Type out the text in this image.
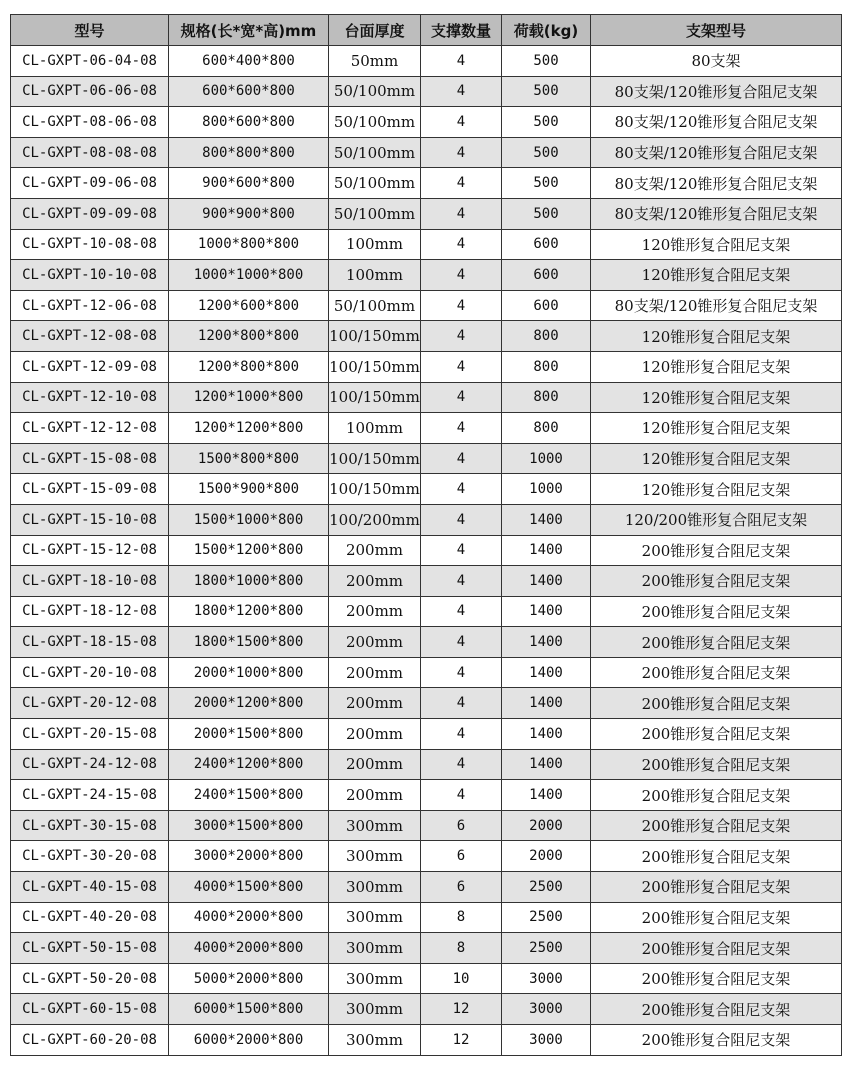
型号	规格(长*宽*高)mm	台面厚度	支撑数量	荷载(kg)	支架型号
CL-GXPT-06-04-08	600*400*800	50mm	4	500	80支架
CL-GXPT-06-06-08	600*600*800	50/100mm	4	500	80支架/120锥形复合阻尼支架
CL-GXPT-08-06-08	800*600*800	50/100mm	4	500	80支架/120锥形复合阻尼支架
CL-GXPT-08-08-08	800*800*800	50/100mm	4	500	80支架/120锥形复合阻尼支架
CL-GXPT-09-06-08	900*600*800	50/100mm	4	500	80支架/120锥形复合阻尼支架
CL-GXPT-09-09-08	900*900*800	50/100mm	4	500	80支架/120锥形复合阻尼支架
CL-GXPT-10-08-08	1000*800*800	100mm	4	600	120锥形复合阻尼支架
CL-GXPT-10-10-08	1000*1000*800	100mm	4	600	120锥形复合阻尼支架
CL-GXPT-12-06-08	1200*600*800	50/100mm	4	600	80支架/120锥形复合阻尼支架
CL-GXPT-12-08-08	1200*800*800	100/150mm	4	800	120锥形复合阻尼支架
CL-GXPT-12-09-08	1200*800*800	100/150mm	4	800	120锥形复合阻尼支架
CL-GXPT-12-10-08	1200*1000*800	100/150mm	4	800	120锥形复合阻尼支架
CL-GXPT-12-12-08	1200*1200*800	100mm	4	800	120锥形复合阻尼支架
CL-GXPT-15-08-08	1500*800*800	100/150mm	4	1000	120锥形复合阻尼支架
CL-GXPT-15-09-08	1500*900*800	100/150mm	4	1000	120锥形复合阻尼支架
CL-GXPT-15-10-08	1500*1000*800	100/200mm	4	1400	120/200锥形复合阻尼支架
CL-GXPT-15-12-08	1500*1200*800	200mm	4	1400	200锥形复合阻尼支架
CL-GXPT-18-10-08	1800*1000*800	200mm	4	1400	200锥形复合阻尼支架
CL-GXPT-18-12-08	1800*1200*800	200mm	4	1400	200锥形复合阻尼支架
CL-GXPT-18-15-08	1800*1500*800	200mm	4	1400	200锥形复合阻尼支架
CL-GXPT-20-10-08	2000*1000*800	200mm	4	1400	200锥形复合阻尼支架
CL-GXPT-20-12-08	2000*1200*800	200mm	4	1400	200锥形复合阻尼支架
CL-GXPT-20-15-08	2000*1500*800	200mm	4	1400	200锥形复合阻尼支架
CL-GXPT-24-12-08	2400*1200*800	200mm	4	1400	200锥形复合阻尼支架
CL-GXPT-24-15-08	2400*1500*800	200mm	4	1400	200锥形复合阻尼支架
CL-GXPT-30-15-08	3000*1500*800	300mm	6	2000	200锥形复合阻尼支架
CL-GXPT-30-20-08	3000*2000*800	300mm	6	2000	200锥形复合阻尼支架
CL-GXPT-40-15-08	4000*1500*800	300mm	6	2500	200锥形复合阻尼支架
CL-GXPT-40-20-08	4000*2000*800	300mm	8	2500	200锥形复合阻尼支架
CL-GXPT-50-15-08	4000*2000*800	300mm	8	2500	200锥形复合阻尼支架
CL-GXPT-50-20-08	5000*2000*800	300mm	10	3000	200锥形复合阻尼支架
CL-GXPT-60-15-08	6000*1500*800	300mm	12	3000	200锥形复合阻尼支架
CL-GXPT-60-20-08	6000*2000*800	300mm	12	3000	200锥形复合阻尼支架
